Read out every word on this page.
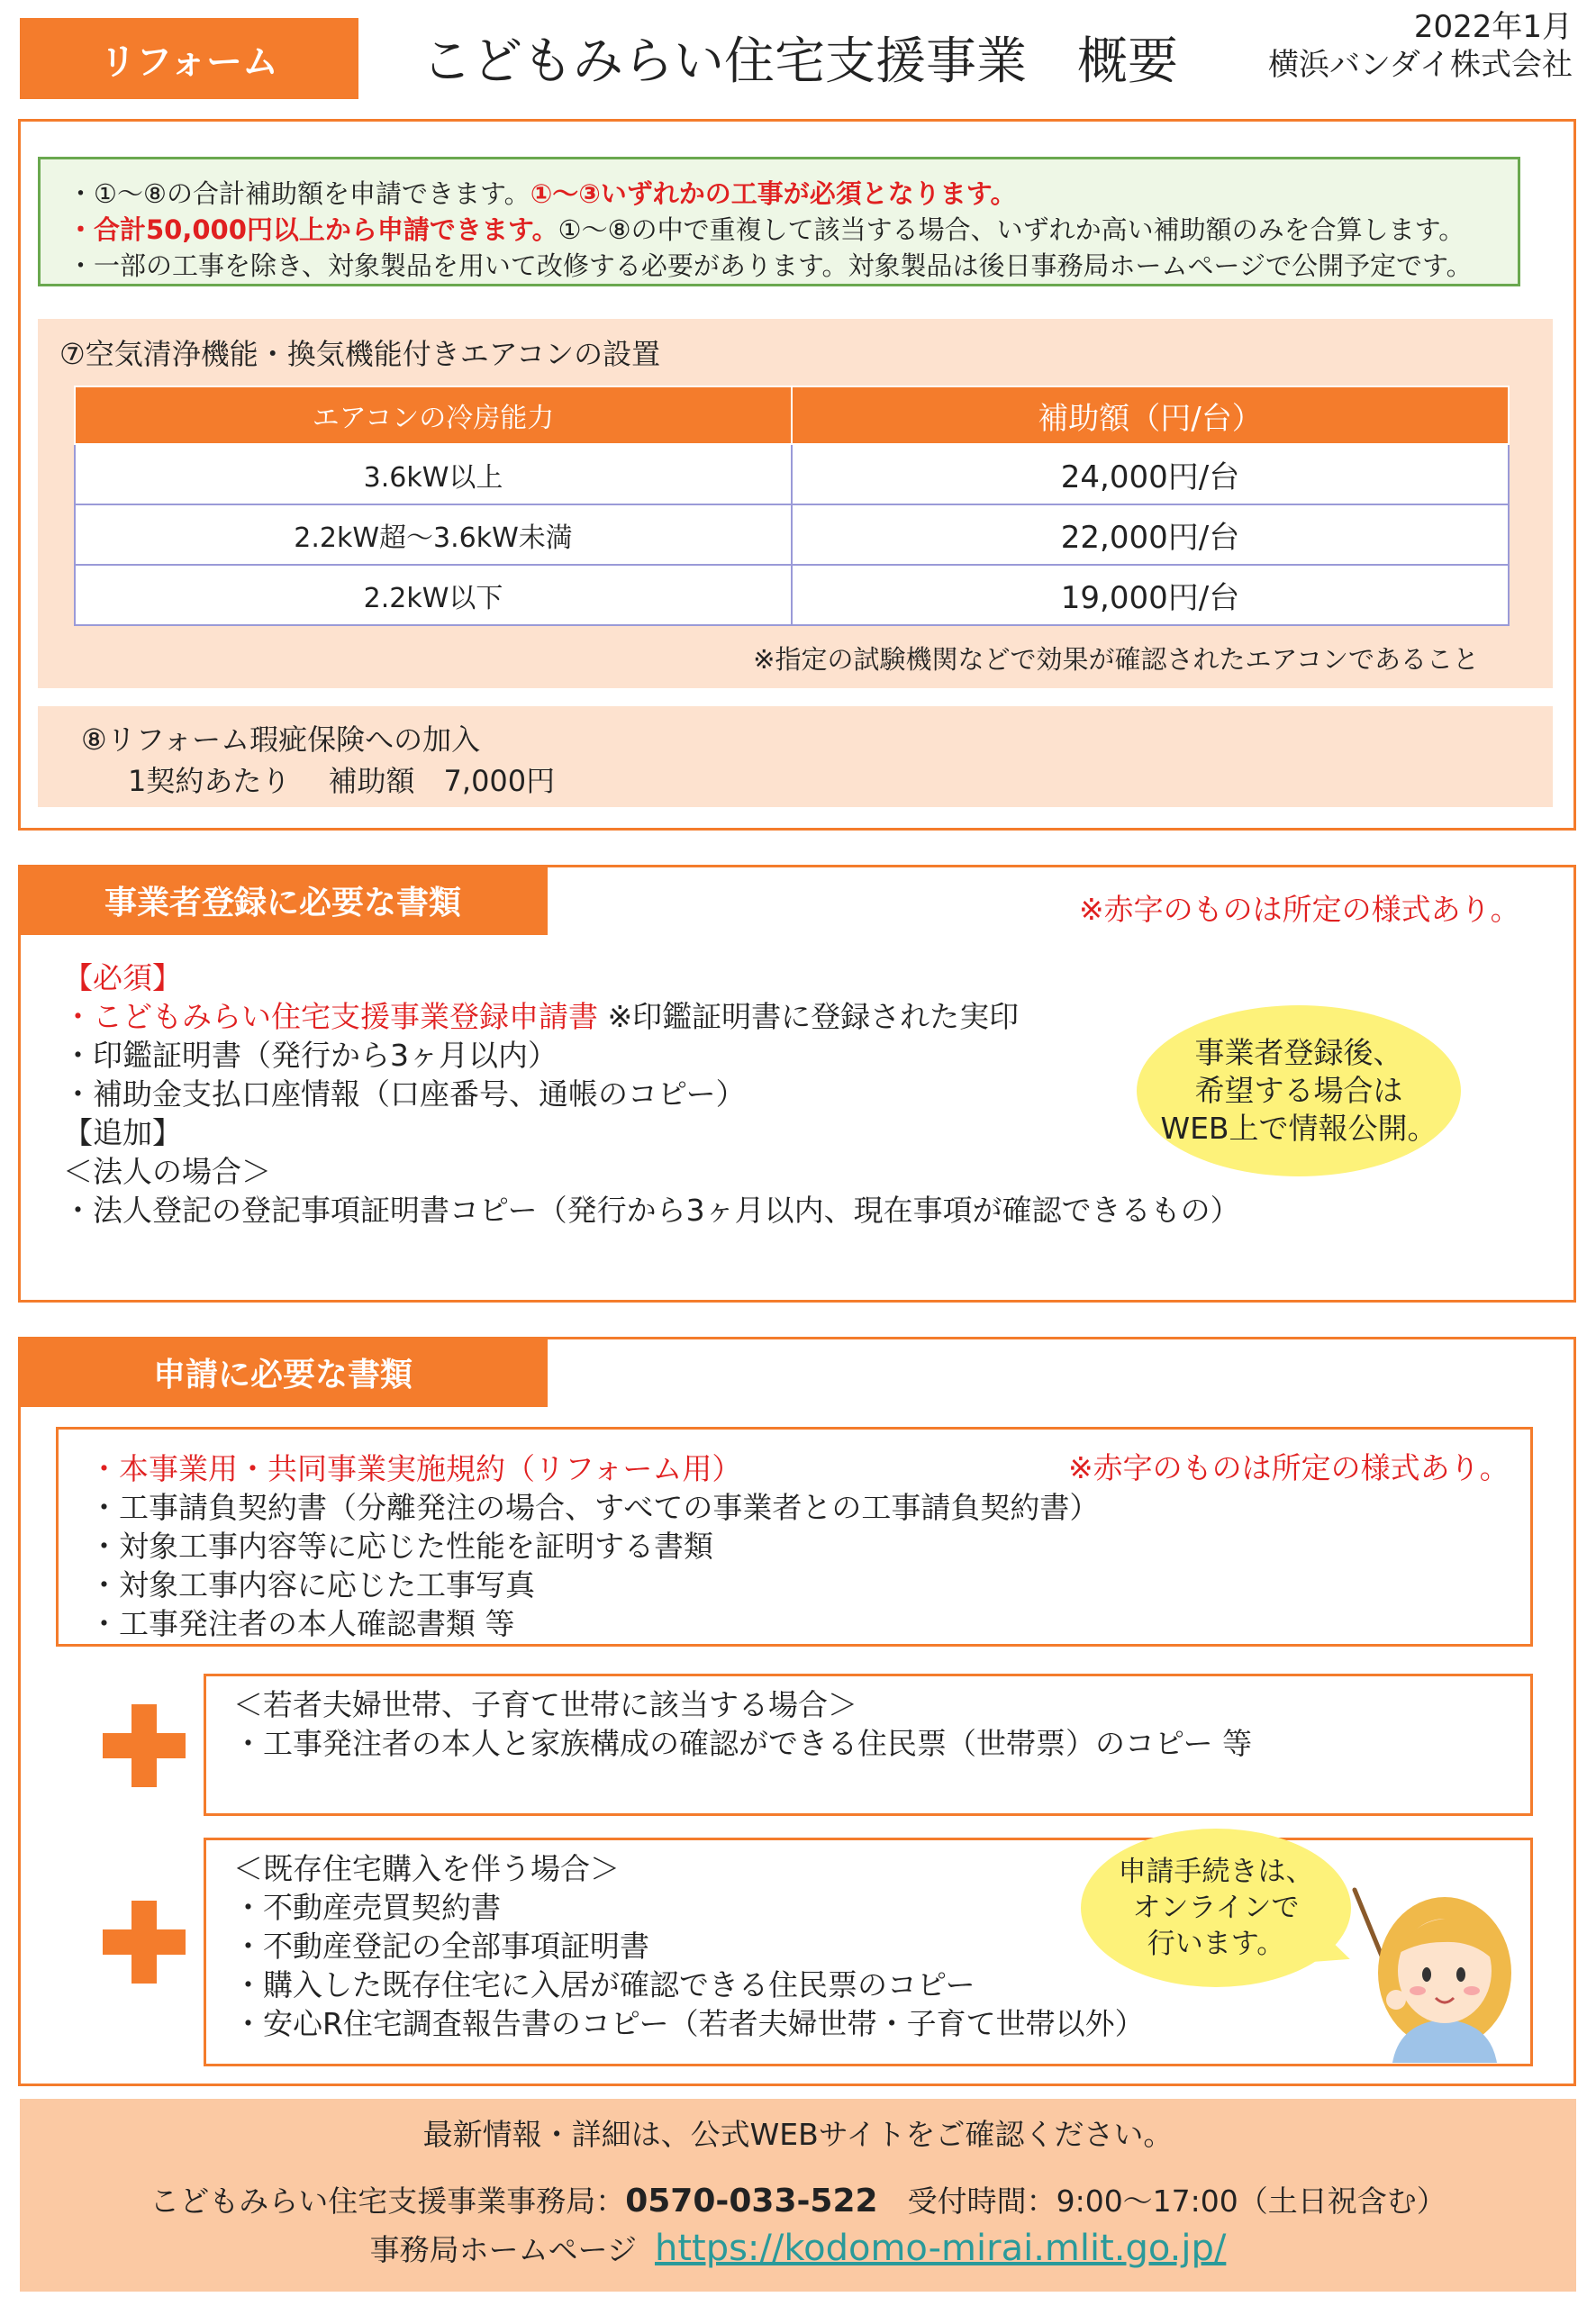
リフォーム	こどもみらい住宅支援事業　概要
2022年1月
横浜バンダイ株式会社
・①～⑧の合計補助額を申請できます。①～③いずれかの工事が必須となります。
・合計50,000円以上から申請できます。①～⑧の中で重複して該当する場合、いずれか高い補助額のみを合算します。
・一部の工事を除き、対象製品を用いて改修する必要があります。対象製品は後日事務局ホームページで公開予定です。
⑦空気清浄機能・換気機能付きエアコンの設置
エアコンの冷房能力	補助額（円/台）
3.6kW以上	24,000円/台
2.2kW超～3.6kW未満	22,000円/台
2.2kW以下	19,000円/台
※指定の試験機関などで効果が確認されたエアコンであること
⑧リフォーム瑕疵保険への加入
1契約あたり　 補助額　7,000円
事業者登録に必要な書類	※赤字のものは所定の様式あり。
【必須】
・こどもみらい住宅支援事業登録申請書 ※印鑑証明書に登録された実印
・印鑑証明書（発行から3ヶ月以内）
・補助金支払口座情報（口座番号、通帳のコピー）
【追加】
＜法人の場合＞
・法人登記の登記事項証明書コピー（発行から3ヶ月以内、現在事項が確認できるもの）
事業者登録後、
希望する場合は
WEB上で情報公開。
申請に必要な書類
・本事業用・共同事業実施規約（リフォーム用）
・工事請負契約書（分離発注の場合、すべての事業者との工事請負契約書）
・対象工事内容等に応じた性能を証明する書類
・対象工事内容に応じた工事写真
・工事発注者の本人確認書類 等
※赤字のものは所定の様式あり。
＜若者夫婦世帯、子育て世帯に該当する場合＞
・工事発注者の本人と家族構成の確認ができる住民票（世帯票）のコピー 等
＜既存住宅購入を伴う場合＞
・不動産売買契約書
・不動産登記の全部事項証明書
・購入した既存住宅に入居が確認できる住民票のコピー
・安心R住宅調査報告書のコピー（若者夫婦世帯・子育て世帯以外）
申請手続きは、
オンラインで
行います。
最新情報・詳細は、公式WEBサイトをご確認ください。
こどもみらい住宅支援事業事務局：0570-033-522　受付時間：9:00～17:00（土日祝含む）
事務局ホームページ https://kodomo-mirai.mlit.go.jp/
